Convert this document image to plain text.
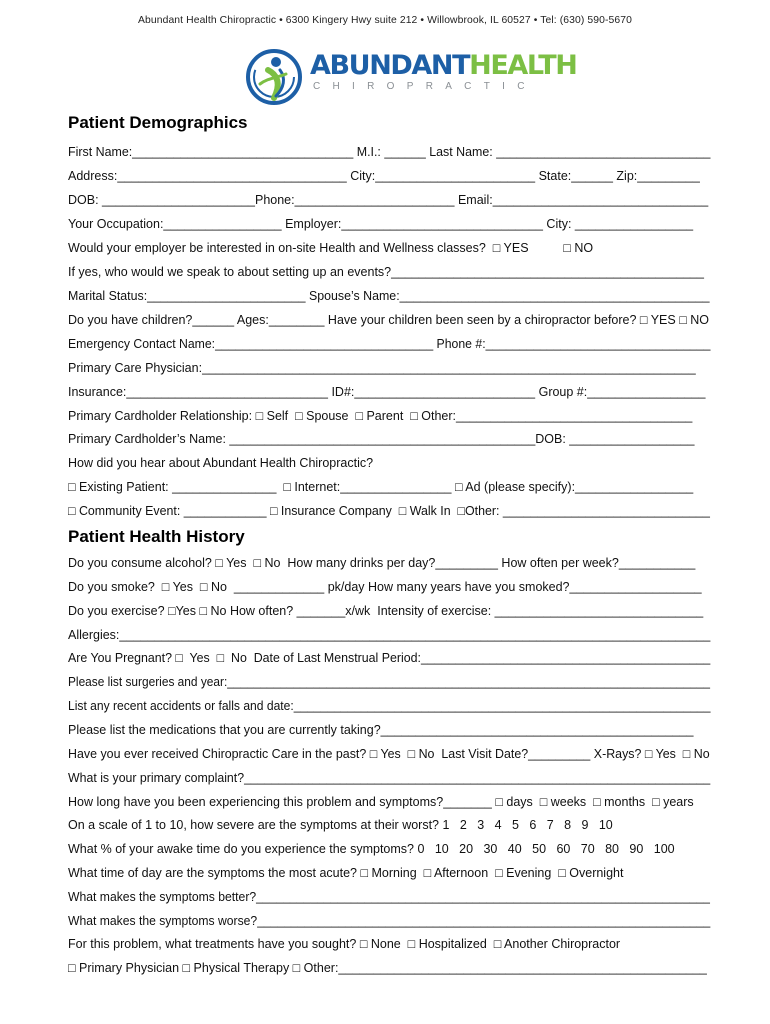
Abundant Health Chiropractic • 6300 Kingery Hwy suite 212 • Willowbrook, IL 60527 • Tel: (630) 590-5670
ABUNDANTHEALTH
CHIROPRACTIC
Patient Demographics
First Name:________________________________ M.I.: ______ Last Name: _______________________________
Address:_________________________________ City:_______________________ State:______ Zip:_________
DOB: ______________________Phone:_______________________ Email:_______________________________
Your Occupation:_________________ Employer:_____________________________ City: _________________
Would your employer be interested in on-site Health and Wellness classes?  □ YES          □ NO
If yes, who would we speak to about setting up an events?_____________________________________________
Marital Status:_______________________ Spouse’s Name:_____________________________________________
Do you have children?______ Ages:________ Have your children been seen by a chiropractor before? □ YES □ NO
Emergency Contact Name:________________________________ Phone #:_________________________________
Primary Care Physician:_______________________________________________________________________
Insurance:_____________________________ ID#:__________________________ Group #:_________________
Primary Cardholder Relationship: □ Self  □ Spouse  □ Parent  □ Other:__________________________________
Primary Cardholder’s Name: ____________________________________________DOB: __________________
How did you hear about Abundant Health Chiropractic?
□ Existing Patient: _______________  □ Internet:________________ □ Ad (please specify):_________________
□ Community Event: ____________ □ Insurance Company  □ Walk In  □Other: ______________________________
Patient Health History
Do you consume alcohol? □ Yes  □ No  How many drinks per day?_________ How often per week?___________
Do you smoke?  □ Yes  □ No  _____________ pk/day How many years have you smoked?___________________
Do you exercise? □Yes □ No How often? _______x/wk  Intensity of exercise: ______________________________
Allergies:_____________________________________________________________________________________
Are You Pregnant? □  Yes  □  No  Date of Last Menstrual Period:__________________________________________
Please list surgeries and year:_________________________________________________________________________
List any recent accidents or falls and date:______________________________________________________________
Please list the medications that you are currently taking?_____________________________________________
Have you ever received Chiropractic Care in the past? □ Yes  □ No  Last Visit Date?_________ X-Rays? □ Yes  □ No
What is your primary complaint?____________________________________________________________________
How long have you been experiencing this problem and symptoms?_______ □ days  □ weeks  □ months  □ years
On a scale of 1 to 10, how severe are the symptoms at their worst? 1   2   3   4   5   6   7   8   9   10
What % of your awake time do you experience the symptoms? 0   10   20   30   40   50   60   70   80   90   100
What time of day are the symptoms the most acute? □ Morning  □ Afternoon  □ Evening  □ Overnight
What makes the symptoms better?___________________________________________________________________
What makes the symptoms worse?___________________________________________________________________
For this problem, what treatments have you sought? □ None  □ Hospitalized  □ Another Chiropractor
□ Primary Physician □ Physical Therapy □ Other:_____________________________________________________
